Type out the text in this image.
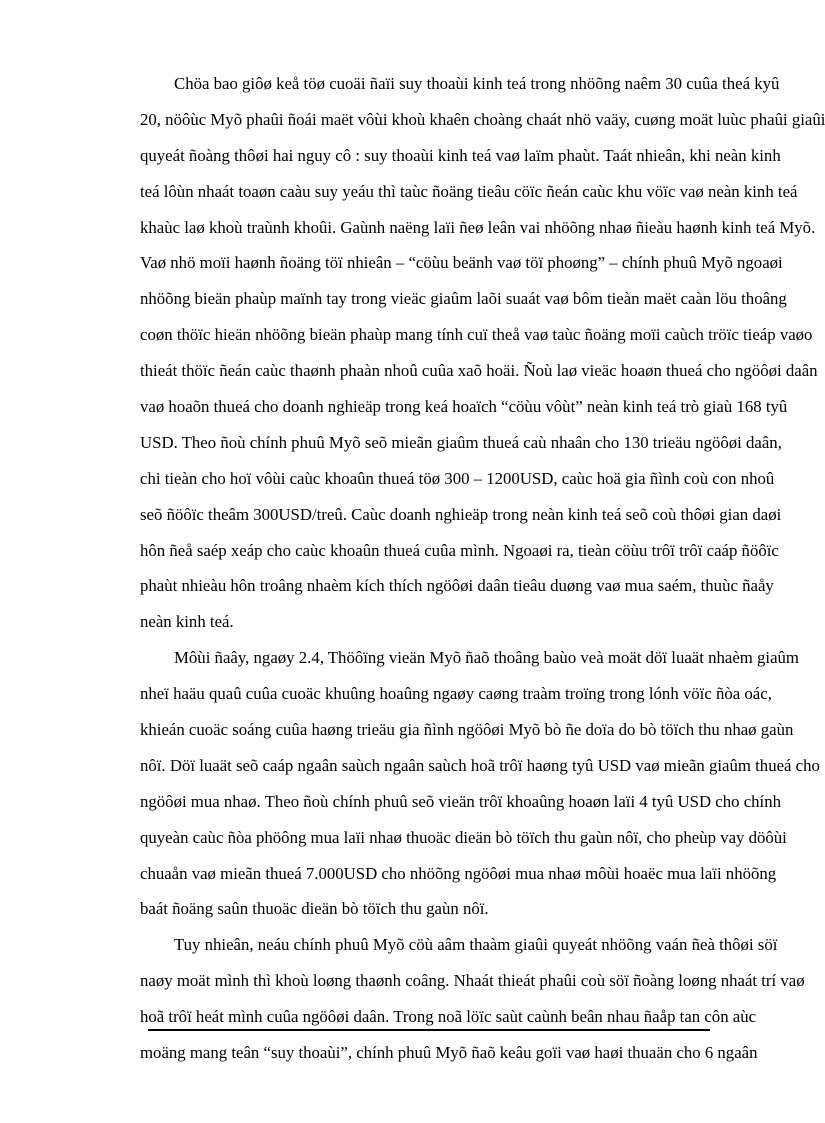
Chöa bao giôø keå töø cuoäi ñaïi suy thoaùi kinh teá trong nhöõng naêm 30 cuûa theá kyû
20, nöôùc Myõ phaûi ñoái maët vôùi khoù khaên choàng chaát nhö vaäy, cuøng moät luùc phaûi giaûi
quyeát ñoàng thôøi hai nguy cô : suy thoaùi kinh teá vaø laïm phaùt. Taát nhieân, khi neàn kinh
teá lôùn nhaát toaøn caàu suy yeáu thì taùc ñoäng tieâu cöïc ñeán caùc khu vöïc vaø neàn kinh teá
khaùc laø khoù traùnh khoûi. Gaùnh naëng laïi ñeø leân vai nhöõng nhaø ñieàu haønh kinh teá Myõ.
Vaø nhö moïi haønh ñoäng töï nhieân – “cöùu beänh vaø töï phoøng” – chính phuû Myõ ngoaøi
nhöõng bieän phaùp maïnh tay trong vieäc giaûm laõi suaát vaø bôm tieàn maët caàn löu thoâng
coøn thöïc hieän nhöõng bieän phaùp mang tính cuï theå vaø taùc ñoäng moïi caùch tröïc tieáp vaøo
thieát thöïc ñeán caùc thaønh phaàn nhoû cuûa xaõ hoäi. Ñoù laø vieäc hoaøn thueá cho ngöôøi daân
vaø hoaõn thueá cho doanh nghieäp trong keá hoaïch “cöùu vôùt” neàn kinh teá trò giaù 168 tyû
USD. Theo ñoù chính phuû Myõ seõ mieãn giaûm thueá caù nhaân cho 130 trieäu ngöôøi daân,
chi tieàn cho hoï vôùi caùc khoaûn thueá töø 300 – 1200USD, caùc hoä gia ñình coù con nhoû
seõ ñöôïc theâm 300USD/treû. Caùc doanh nghieäp trong neàn kinh teá seõ coù thôøi gian daøi
hôn ñeå saép xeáp cho caùc khoaûn thueá cuûa mình. Ngoaøi ra, tieàn cöùu trôï trôï caáp ñöôïc
phaùt nhieàu hôn troâng nhaèm kích thích ngöôøi daân tieâu duøng vaø mua saém, thuùc ñaåy
neàn kinh teá.
Môùi ñaây, ngaøy 2.4, Thöôïng vieän Myõ ñaõ thoâng baùo veà moät döï luaät nhaèm giaûm
nheï haäu quaû cuûa cuoäc khuûng hoaûng ngaøy caøng traàm troïng trong lónh vöïc ñòa oác,
khieán cuoäc soáng cuûa haøng trieäu gia ñình ngöôøi Myõ bò ñe doïa do bò töïch thu nhaø gaùn
nôï. Döï luaät seõ caáp ngaân saùch ngaân saùch hoã trôï haøng tyû USD vaø mieãn giaûm thueá cho
ngöôøi mua nhaø. Theo ñoù chính phuû seõ vieän trôï khoaûng hoaøn laïi 4 tyû USD cho chính
quyeàn caùc ñòa phöông mua laïi nhaø thuoäc dieän bò töïch thu gaùn nôï, cho pheùp vay döôùi
chuaån vaø mieãn thueá 7.000USD cho nhöõng ngöôøi mua nhaø môùi hoaëc mua laïi nhöõng
baát ñoäng saûn thuoäc dieän bò töïch thu gaùn nôï.
Tuy nhieân, neáu chính phuû Myõ cöù aâm thaàm giaûi quyeát nhöõng vaán ñeà thôøi söï
naøy moät mình thì khoù loøng thaønh coâng. Nhaát thieát phaûi coù söï ñoàng loøng nhaát trí vaø
hoã trôï heát mình cuûa ngöôøi daân. Trong noã löïc saùt caùnh beân nhau ñaåp tan côn aùc
moäng mang teân “suy thoaùi”, chính phuû Myõ ñaõ keâu goïi vaø haøi thuaän cho 6 ngaân
